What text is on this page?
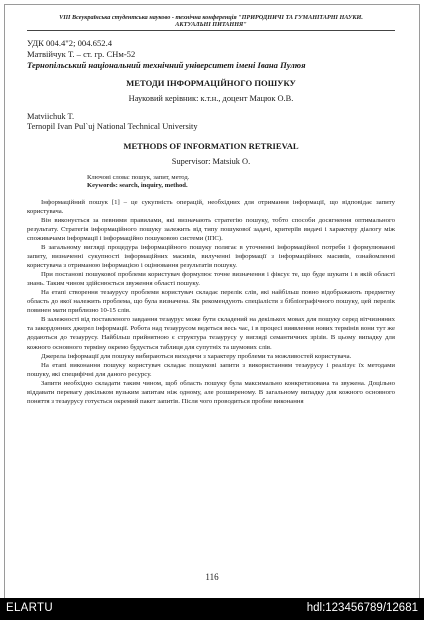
VIII Всеукраїнська студентська науково - технічна конференція "ПРИРОДНИЧІ ТА ГУМАНІТАРНІ НАУКИ.
АКТУАЛЬНІ ПИТАННЯ"
УДК 004.4"2; 004.652.4
Матвійчук Т. – ст. гр. СНм-52
Тернопільський національний технічний університет імені Івана Пулюя
МЕТОДИ ІНФОРМАЦІЙНОГО ПОШУКУ
Науковий керівник: к.т.н., доцент Мацюк О.В.
Matviichuk T.
Ternopil Ivan Pul`uj National Technical University
METHODS OF INFORMATION RETRIEVAL
Supervisor: Matsiuk O.
Ключові слова: пошук, запит, метод.
Keywords: search, inquiry, method.

Інформаційний пошук [1] – це сукупність операцій, необхідних для отримання інформації, що відповідає запиту користувача.

Він виконується за певними правилами, які визначають стратегію пошуку, тобто способи досягнення оптимального результату. Стратегія інформаційного пошуку залежить від типу пошукової задачі, критеріїв видачі і характеру діалогу між споживачами інформації і інформаційно пошуковою системи (ІПС).

В загальному вигляді процедура інформаційного пошуку полягає в уточненні інформаційної потреби і формулюванні запиту, визначенні сукупності інформаційних масивів, вилученні інформації з інформаційних масивів, ознайомленні користувача з отриманою інформацією і оцінювання результатів пошуку.

При постанові пошукової проблеми користувач формулює точне визначення і фіксує те, що буде шукати і в якій області знань. Таким чином здійснюється звуження області пошуку.

На етапі створення тезаурусу проблеми користувач складає перелік слів, які найбільш повно відображають предметну область до якої належить проблема, що була визначена. Як рекомендують спеціалісти з бібліографічного пошуку, цей перелік повинен мати приблизно 10-15 слів.

В залежності від поставленого завдання тезаурус може бути складений на декількох мовах для пошуку серед вітчизняних та закордонних джерел інформації. Робота над тезаурусом ведеться весь час, і в процесі виявлення нових термінів вони тут же додаються до тезаурусу. Найбільш прийнятною є структура тезаурусу у вигляді семантичних зрізів. В цьому випадку для кожного основного терміну окремо будується таблиця для супутніх та шумових слів.

Джерела інформації для пошуку вибираються виходячи з характеру проблеми та можливостей користувача.

На етапі виконання пошуку користувач складає пошукові запити з використанням тезаурусу і реалізує їх методами пошуку, які специфічні для даного ресурсу.

Запити необхідно складати таким чином, щоб область пошуку була максимально конкретизована та звужена. Доцільно віддавати перевагу декільком вузьким запитам ніж одному, але розширеному. В загальному випадку для кожного основного поняття з тезаурусу готується окремий пакет запитів. Після чого проводиться пробне виконання

116
ELARTU	hdl:123456789/12681
